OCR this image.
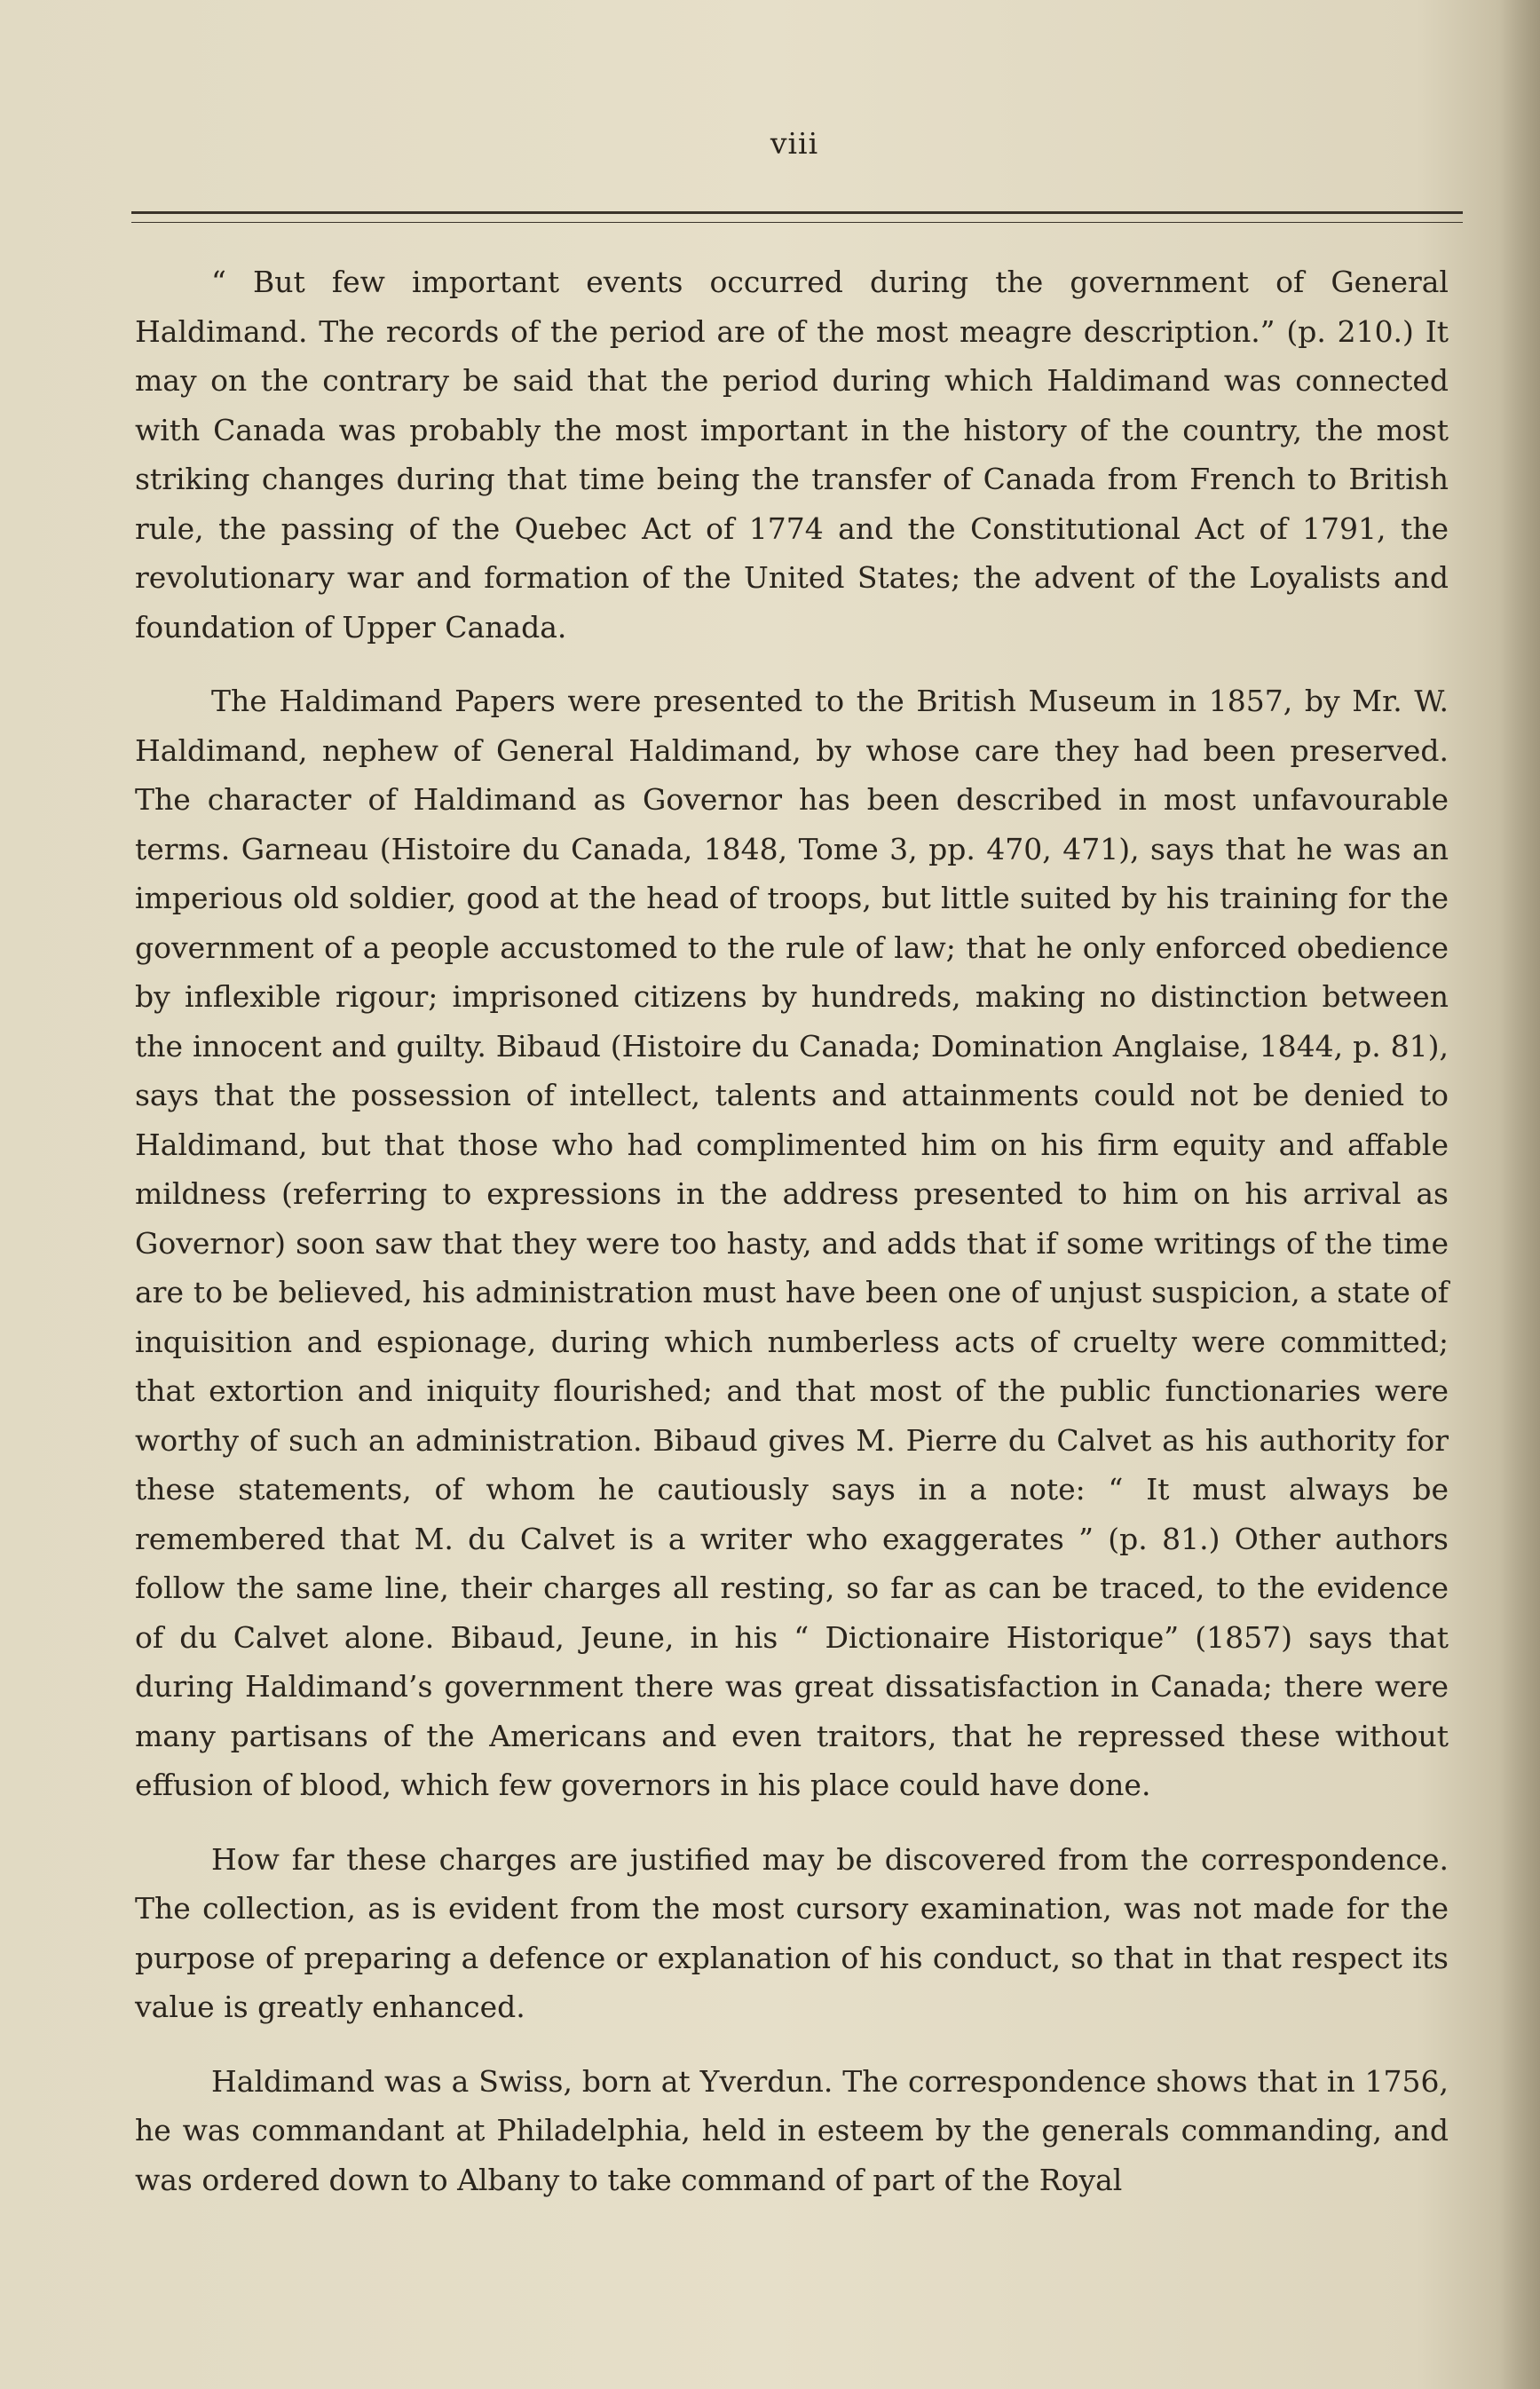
viii

“ But few important events occurred during the government of General Haldimand. The records of the period are of the most meagre description.” (p. 210.) It may on the contrary be said that the period during which Haldimand was connected with Canada was probably the most important in the history of the country, the most striking changes during that time being the transfer of Canada from French to British rule, the passing of the Quebec Act of 1774 and the Constitutional Act of 1791, the revolutionary war and formation of the United States; the advent of the Loyalists and foundation of Upper Canada.

The Haldimand Papers were presented to the British Museum in 1857, by Mr. W. Haldimand, nephew of General Haldimand, by whose care they had been preserved. The character of Haldimand as Governor has been described in most unfavourable terms. Garneau (Histoire du Canada, 1848, Tome 3, pp. 470, 471), says that he was an imperious old soldier, good at the head of troops, but little suited by his training for the government of a people accustomed to the rule of law; that he only enforced obedience by inflexible rigour; imprisoned citizens by hundreds, making no distinction between the innocent and guilty. Bibaud (Histoire du Canada; Domination Anglaise, 1844, p. 81), says that the possession of intellect, talents and attainments could not be denied to Haldimand, but that those who had complimented him on his firm equity and affable mildness (referring to expressions in the address presented to him on his arrival as Governor) soon saw that they were too hasty, and adds that if some writings of the time are to be believed, his administration must have been one of unjust suspicion, a state of inquisition and espionage, during which numberless acts of cruelty were committed; that extortion and iniquity flourished; and that most of the public functionaries were worthy of such an administration. Bibaud gives M. Pierre du Calvet as his authority for these statements, of whom he cautiously says in a note: “ It must always be remembered that M. du Calvet is a writer who exaggerates ” (p. 81.) Other authors follow the same line, their charges all resting, so far as can be traced, to the evidence of du Calvet alone. Bibaud, Jeune, in his “ Dictionaire Historique” (1857) says that during Haldimand’s government there was great dissatisfaction in Canada; there were many partisans of the Americans and even traitors, that he repressed these without effusion of blood, which few governors in his place could have done.

How far these charges are justified may be discovered from the correspondence. The collection, as is evident from the most cursory examination, was not made for the purpose of preparing a defence or explanation of his conduct, so that in that respect its value is greatly enhanced.

Haldimand was a Swiss, born at Yverdun. The correspondence shows that in 1756, he was commandant at Philadelphia, held in esteem by the generals commanding, and was ordered down to Albany to take command of part of the Royal
